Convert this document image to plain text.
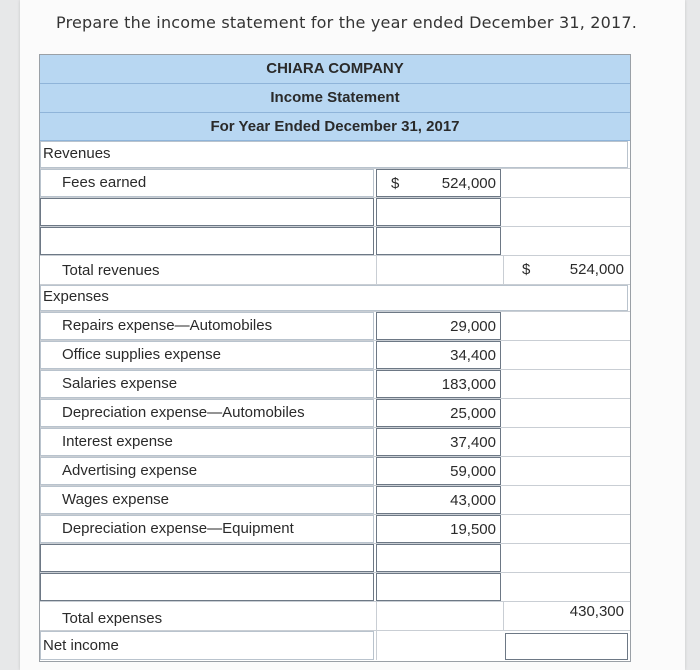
Prepare the income statement for the year ended December 31, 2017.
CHIARA COMPANY
Income Statement
For Year Ended December 31, 2017
Revenues
Fees earned	$	524,000
Total revenues	$	524,000
Expenses
Repairs expense—Automobiles	29,000
Office supplies expense	34,400
Salaries expense	183,000
Depreciation expense—Automobiles	25,000
Interest expense	37,400
Advertising expense	59,000
Wages expense	43,000
Depreciation expense—Equipment	19,500
Total expenses	430,300
Net income
